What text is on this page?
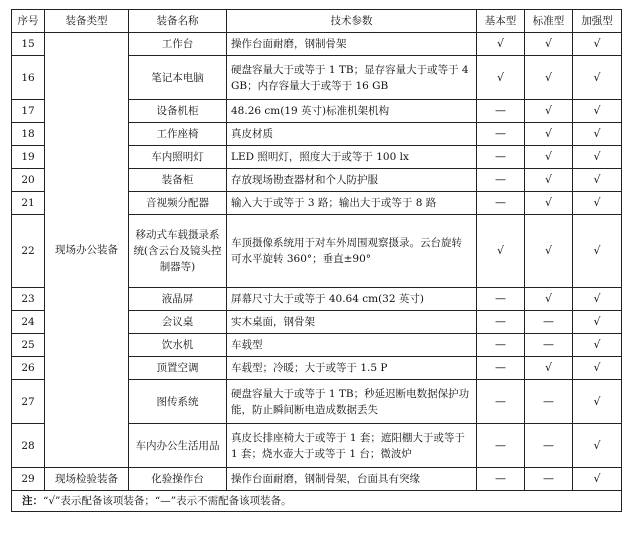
序号	装备类型	装备名称	技术参数	基本型	标准型	加强型
15	现场办公装备	工作台	操作台面耐磨，钢制骨架	√	√	√
16		笔记本电脑	硬盘容量大于或等于 1 TB；显存容量大于或等于 4 GB；内存容量大于或等于 16 GB	√	√	√
17		设备机柜	48.26 cm(19 英寸)标准机架机构	—	√	√
18		工作座椅	真皮材质	—	√	√
19		车内照明灯	LED 照明灯，照度大于或等于 100 lx	—	√	√
20		装备柜	存放现场勘查器材和个人防护服	—	√	√
21		音视频分配器	输入大于或等于 3 路；输出大于或等于 8 路	—	√	√
22		移动式车载摄录系统(含云台及镜头控制器等)	车顶摄像系统用于对车外周围观察摄录。云台旋转可水平旋转 360°；垂直±90°	√	√	√
23		液晶屏	屏幕尺寸大于或等于 40.64 cm(32 英寸)	—	√	√
24		会议桌	实木桌面，钢骨架	—	—	√
25		饮水机	车载型	—	—	√
26		顶置空调	车载型；冷暖；大于或等于 1.5 P	—	√	√
27		图传系统	硬盘容量大于或等于 1 TB；秒延迟断电数据保护功能，防止瞬间断电造成数据丢失	—	—	√
28		车内办公生活用品	真皮长排座椅大于或等于 1 套；遮阳棚大于或等于 1 套；烧水壶大于或等于 1 台；微波炉	—	—	√
29	现场检验装备	化验操作台	操作台面耐磨，钢制骨架，台面具有突缘	—	—	√
注：“√”表示配备该项装备；“—”表示不需配备该项装备。						
